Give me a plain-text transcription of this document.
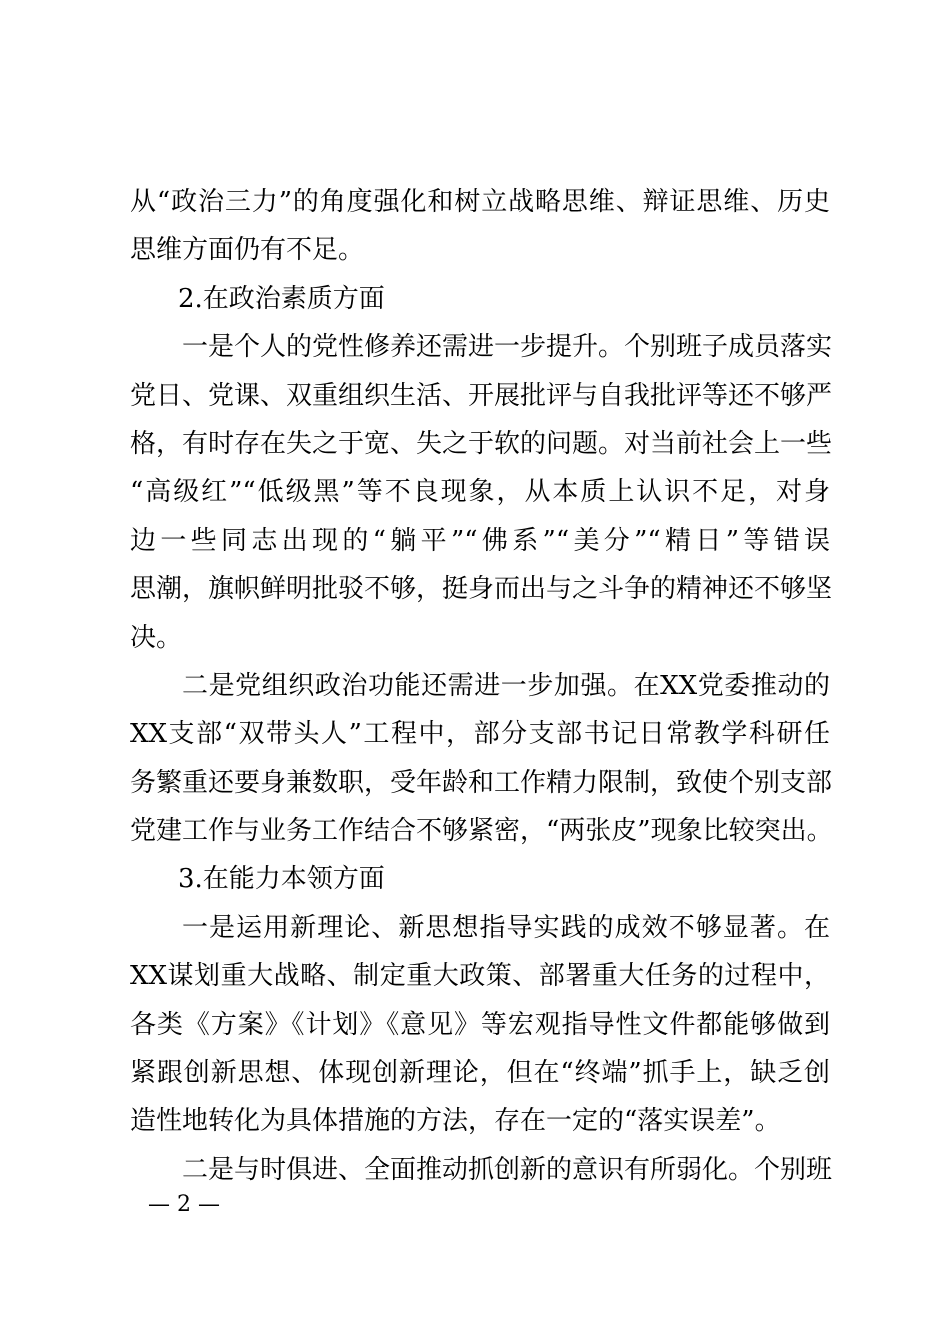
从“政治三力”的角度强化和树立战略思维、辩证思维、历史
思维方面仍有不足。
2.在政治素质方面
一是个人的党性修养还需进一步提升。个别班子成员落实
党日、党课、双重组织生活、开展批评与自我批评等还不够严
格，有时存在失之于宽、失之于软的问题。对当前社会上一些
“高级红”“低级黑”等不良现象，从本质上认识不足，对身
边一些同志出现的“躺平”“佛系”“美分”“精日”等错误
思潮，旗帜鲜明批驳不够，挺身而出与之斗争的精神还不够坚
决。
二是党组织政治功能还需进一步加强。在XX党委推动的
XX支部“双带头人”工程中，部分支部书记日常教学科研任
务繁重还要身兼数职，受年龄和工作精力限制，致使个别支部
党建工作与业务工作结合不够紧密，“两张皮”现象比较突出。
3.在能力本领方面
一是运用新理论、新思想指导实践的成效不够显著。在
XX谋划重大战略、制定重大政策、部署重大任务的过程中，
各类《方案》《计划》《意见》等宏观指导性文件都能够做到
紧跟创新思想、体现创新理论，但在“终端”抓手上，缺乏创
造性地转化为具体措施的方法，存在一定的“落实误差”。
二是与时俱进、全面推动抓创新的意识有所弱化。个别班
— 2 —
